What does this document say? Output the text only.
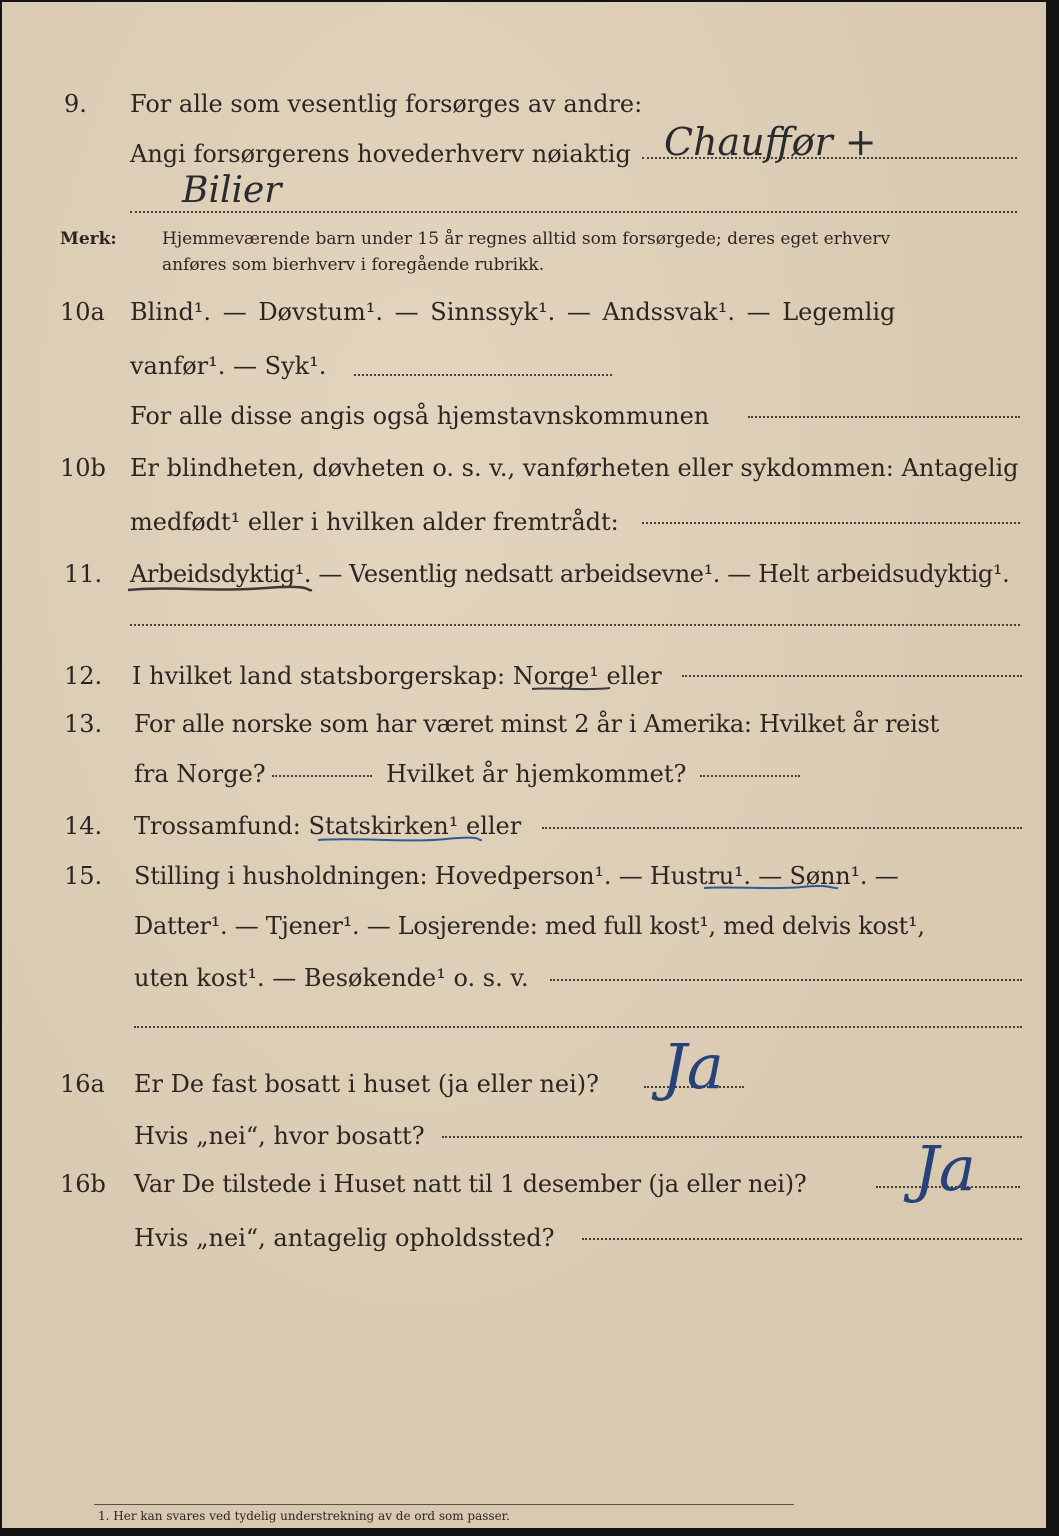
9. For alle som vesentlig forsørges av andre:
Angi forsørgerens hovederhverv nøiaktig Chauffør +
Bilier
Merk:	Hjemmeværende barn under 15 år regnes alltid som forsørgede; deres eget erhverv
anføres som bierhverv i foregående rubrikk.
10a Blind¹. — Døvstum¹. — Sinnssyk¹. — Andssvak¹. — Legemlig
vanfør¹. — Syk¹.
For alle disse angis også hjemstavnskommunen
10b Er blindheten, døvheten o. s. v., vanførheten eller sykdommen: Antagelig
medfødt¹ eller i hvilken alder fremtrådt:
11. Arbeidsdyktig¹. — Vesentlig nedsatt arbeidsevne¹. — Helt arbeidsudyktig¹.
12. I hvilket land statsborgerskap: Norge¹ eller
13. For alle norske som har været minst 2 år i Amerika: Hvilket år reist
fra Norge?	Hvilket år hjemkommet?
14. Trossamfund: Statskirken¹ eller
15. Stilling i husholdningen: Hovedperson¹. — Hustru¹. — Sønn¹. —
Datter¹. — Tjener¹. — Losjerende: med full kost¹, med delvis kost¹,
uten kost¹. — Besøkende¹ o. s. v.
16a Er De fast bosatt i huset (ja eller nei)? Ja
Hvis „nei“, hvor bosatt?
16b Var De tilstede i Huset natt til 1 desember (ja eller nei)? Ja
Hvis „nei“, antagelig opholdssted?
1. Her kan svares ved tydelig understrekning av de ord som passer.
